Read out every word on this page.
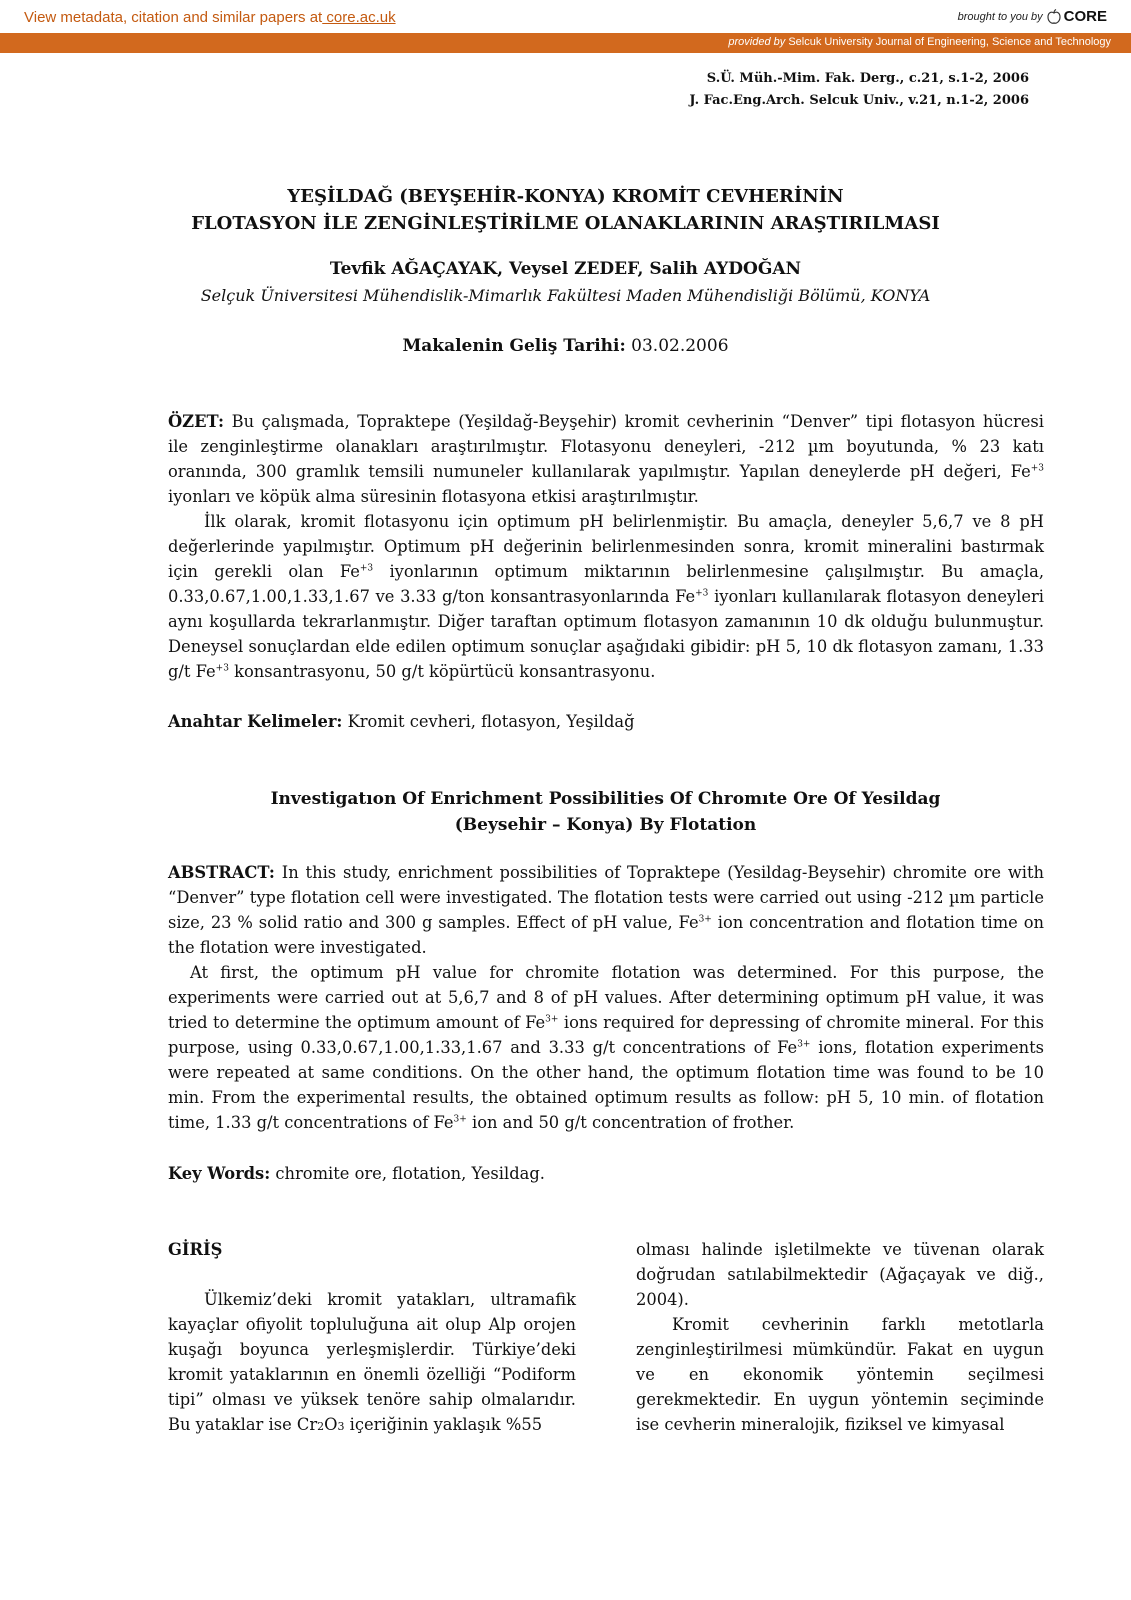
View metadata, citation and similar papers at core.ac.uk	brought to you by CORE
provided by Selcuk University Journal of Engineering, Science and Technology
S.Ü. Müh.-Mim. Fak. Derg., c.21, s.1-2, 2006
J. Fac.Eng.Arch. Selcuk Univ., v.21, n.1-2, 2006
YEŞİLDAĞ (BEYŞEHİR-KONYA) KROMİT CEVHERİNİN
FLOTASYON İLE ZENGİNLEŞTİRİLME OLANAKLARININ ARAŞTIRILMASI
Tevfik AĞAÇAYAK, Veysel ZEDEF, Salih AYDOĞAN
Selçuk Üniversitesi Mühendislik-Mimarlık Fakültesi Maden Mühendisliği Bölümü, KONYA
Makalenin Geliş Tarihi: 03.02.2006

ÖZET: Bu çalışmada, Topraktepe (Yeşildağ-Beyşehir) kromit cevherinin “Denver” tipi flotasyon hücresi ile zenginleştirme olanakları araştırılmıştır. Flotasyonu deneyleri, -212 µm boyutunda, % 23 katı oranında, 300 gramlık temsili numuneler kullanılarak yapılmıştır. Yapılan deneylerde pH değeri, $Fe^{+3}$ iyonları ve köpük alma süresinin flotasyona etkisi araştırılmıştır.

İlk olarak, kromit flotasyonu için optimum pH belirlenmiştir. Bu amaçla, deneyler 5,6,7 ve 8 pH değerlerinde yapılmıştır. Optimum pH değerinin belirlenmesinden sonra, kromit mineralini bastırmak için gerekli olan $Fe^{+3}$ iyonlarının optimum miktarının belirlenmesine çalışılmıştır. Bu amaçla, 0.33,0.67,1.00,1.33,1.67 ve 3.33 g/ton konsantrasyonlarında $Fe^{+3}$ iyonları kullanılarak flotasyon deneyleri aynı koşullarda tekrarlanmıştır. Diğer taraftan optimum flotasyon zamanının 10 dk olduğu bulunmuştur. Deneysel sonuçlardan elde edilen optimum sonuçlar aşağıdaki gibidir: pH 5, 10 dk flotasyon zamanı, 1.33 g/t $Fe^{+3}$ konsantrasyonu, 50 g/t köpürtücü konsantrasyonu.

Anahtar Kelimeler: Kromit cevheri, flotasyon, Yeşildağ
Investigatıon Of Enrichment Possibilities Of Chromıte Ore Of Yesildag
(Beysehir – Konya) By Flotation

ABSTRACT: In this study, enrichment possibilities of Topraktepe (Yesildag-Beysehir) chromite ore with “Denver” type flotation cell were investigated. The flotation tests were carried out using -212 µm particle size, 23 % solid ratio and 300 g samples. Effect of pH value, $Fe^{3+}$ ion concentration and flotation time on the flotation were investigated.

At first, the optimum pH value for chromite flotation was determined. For this purpose, the experiments were carried out at 5,6,7 and 8 of pH values. After determining optimum pH value, it was tried to determine the optimum amount of $Fe^{3+}$ ions required for depressing of chromite mineral. For this purpose, using 0.33,0.67,1.00,1.33,1.67 and 3.33 g/t concentrations of $Fe^{3+}$ ions, flotation experiments were repeated at same conditions. On the other hand, the optimum flotation time was found to be 10 min. From the experimental results, the obtained optimum results as follow: pH 5, 10 min. of flotation time, 1.33 g/t concentrations of $Fe^{3+}$ ion and 50 g/t concentration of frother.

Key Words: chromite ore, flotation, Yesildag.

GİRİŞ

Ülkemiz’deki kromit yatakları, ultramafik kayaçlar ofiyolit topluluğuna ait olup Alp orojen kuşağı boyunca yerleşmişlerdir. Türkiye’deki kromit yataklarının en önemli özelliği “Podiform tipi” olması ve yüksek tenöre sahip olmalarıdır. Bu yataklar ise Cr2O3 içeriğinin yaklaşık %55

olması halinde işletilmekte ve tüvenan olarak doğrudan satılabilmektedir (Ağaçayak ve diğ., 2004).

Kromit cevherinin farklı metotlarla zenginleştirilmesi mümkündür. Fakat en uygun ve en ekonomik yöntemin seçilmesi gerekmektedir. En uygun yöntemin seçiminde ise cevherin mineralojik, fiziksel ve kimyasal
